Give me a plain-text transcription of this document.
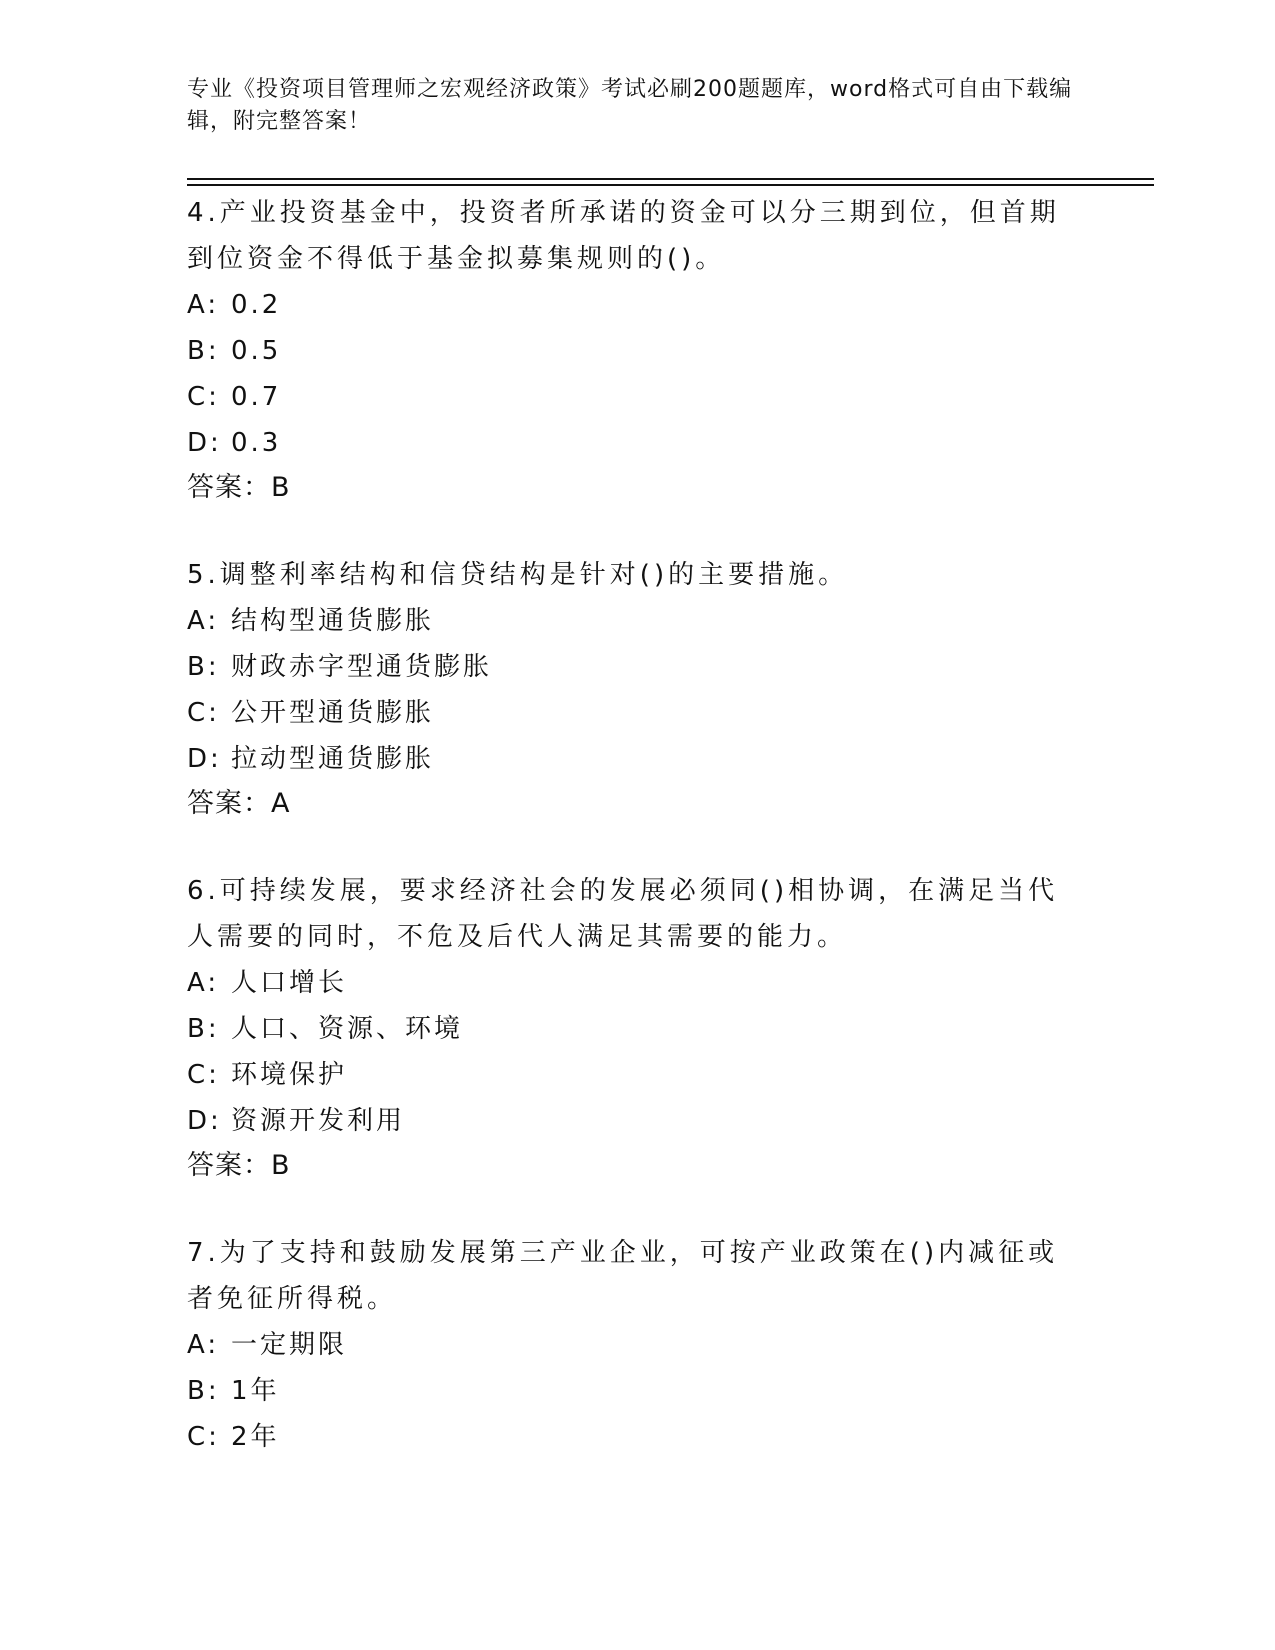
专业《投资项目管理师之宏观经济政策》考试必刷200题题库，word格式可自由下载编辑，附完整答案！

4.产业投资基金中，投资者所承诺的资金可以分三期到位，但首期到位资金不得低于基金拟募集规则的()。

A: 0.2

B: 0.5

C: 0.7

D: 0.3

答案：B

5.调整利率结构和信贷结构是针对()的主要措施。

A: 结构型通货膨胀

B: 财政赤字型通货膨胀

C: 公开型通货膨胀

D: 拉动型通货膨胀

答案：A

6.可持续发展，要求经济社会的发展必须同()相协调，在满足当代人需要的同时，不危及后代人满足其需要的能力。

A: 人口增长

B: 人口、资源、环境

C: 环境保护

D: 资源开发利用

答案：B

7.为了支持和鼓励发展第三产业企业，可按产业政策在()内减征或者免征所得税。

A: 一定期限

B: 1年

C: 2年
